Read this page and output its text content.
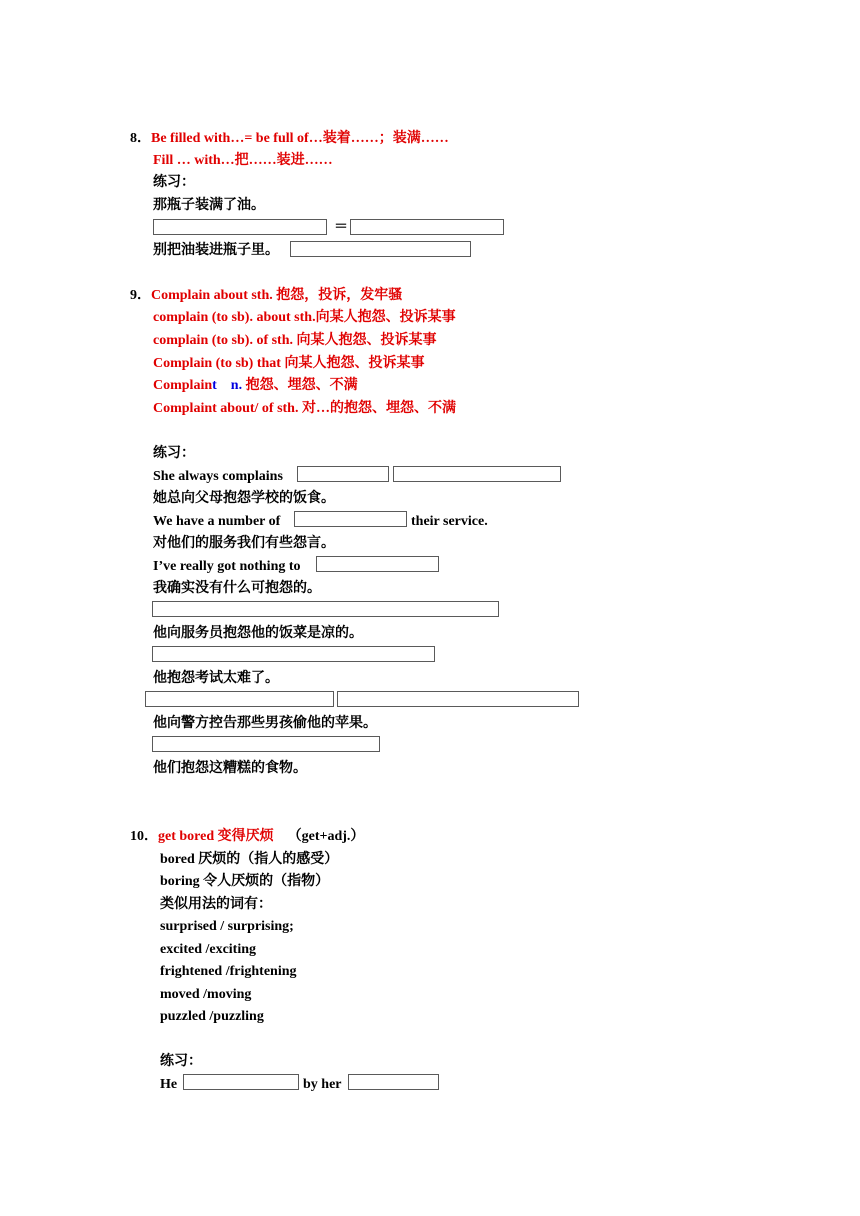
8．Be filled with…= be full of…装着……；装满……
Fill … with…把……装进……
练习：
那瓶子装满了油。
＝
别把油装进瓶子里。
9．Complain about sth. 抱怨，投诉，发牢骚
complain (to sb). about sth.向某人抱怨、投诉某事
complain (to sb). of sth. 向某人抱怨、投诉某事
Complain (to sb) that 向某人抱怨、投诉某事
Complaint n. 抱怨、埋怨、不满
Complaint about/ of sth. 对…的抱怨、埋怨、不满
练习：
She always complains
她总向父母抱怨学校的饭食。
We have a number of	their service.
对他们的服务我们有些怨言。
I’ve really got nothing to
我确实没有什么可抱怨的。
他向服务员抱怨他的饭菜是凉的。
他抱怨考试太难了。
他向警方控告那些男孩偷他的苹果。
他们抱怨这糟糕的食物。
10．get bored 变得厌烦 （get+adj.）
bored 厌烦的（指人的感受）
boring 令人厌烦的（指物）
类似用法的词有：
surprised / surprising;
excited /exciting
frightened /frightening
moved /moving
puzzled /puzzling
练习：
He	by her
